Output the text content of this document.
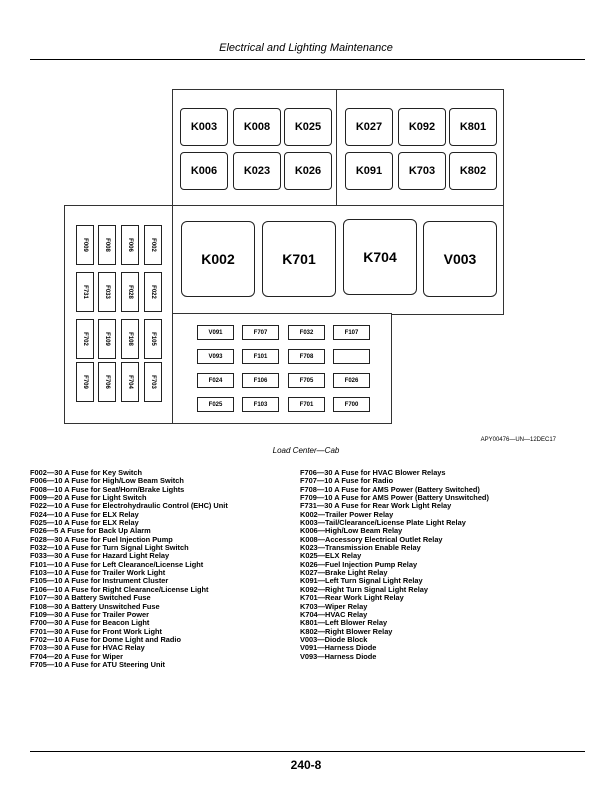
Electrical and Lighting Maintenance
K003	K008	K025
K006	K023	K026
K027	K092	K801
K091	K703	K802
K002	K701	K704	V003
F009	F008	F006	F002
F731	F033	F028	F022
F702	F109	F108	F105
F709	F706	F704	F703
V091	F707	F032	F107
V093	F101	F708
F024	F106	F705	F026
F025	F103	F701	F700
APY00476—UN—12DEC17
Load Center—Cab
F002—30 A Fuse for Key Switch
F006—10 A Fuse for High/Low Beam Switch
F008—10 A Fuse for Seat/Horn/Brake Lights
F009—20 A Fuse for Light Switch
F022—10 A Fuse for Electrohydraulic Control (EHC) Unit
F024—10 A Fuse for ELX Relay
F025—10 A Fuse for ELX Relay
F026—5 A Fuse for Back Up Alarm
F028—30 A Fuse for Fuel Injection Pump
F032—10 A Fuse for Turn Signal Light Switch
F033—30 A Fuse for Hazard Light Relay
F101—10 A Fuse for Left Clearance/License Light
F103—10 A Fuse for Trailer Work Light
F105—10 A Fuse for Instrument Cluster
F106—10 A Fuse for Right Clearance/License Light
F107—30 A Battery Switched Fuse
F108—30 A Battery Unswitched Fuse
F109—30 A Fuse for Trailer Power
F700—30 A Fuse for Beacon Light
F701—30 A Fuse for Front Work Light
F702—10 A Fuse for Dome Light and Radio
F703—30 A Fuse for HVAC Relay
F704—20 A Fuse for Wiper
F705—10 A Fuse for ATU Steering Unit
F706—30 A Fuse for HVAC Blower Relays
F707—10 A Fuse for Radio
F708—10 A Fuse for AMS Power (Battery Switched)
F709—10 A Fuse for AMS Power (Battery Unswitched)
F731—30 A Fuse for Rear Work Light Relay
K002—Trailer Power Relay
K003—Tail/Clearance/License Plate Light Relay
K006—High/Low Beam Relay
K008—Accessory Electrical Outlet Relay
K023—Transmission Enable Relay
K025—ELX Relay
K026—Fuel Injection Pump Relay
K027—Brake Light Relay
K091—Left Turn Signal Light Relay
K092—Right Turn Signal Light Relay
K701—Rear Work Light Relay
K703—Wiper Relay
K704—HVAC Relay
K801—Left Blower Relay
K802—Right Blower Relay
V003—Diode Block
V091—Harness Diode
V093—Harness Diode
240-8
